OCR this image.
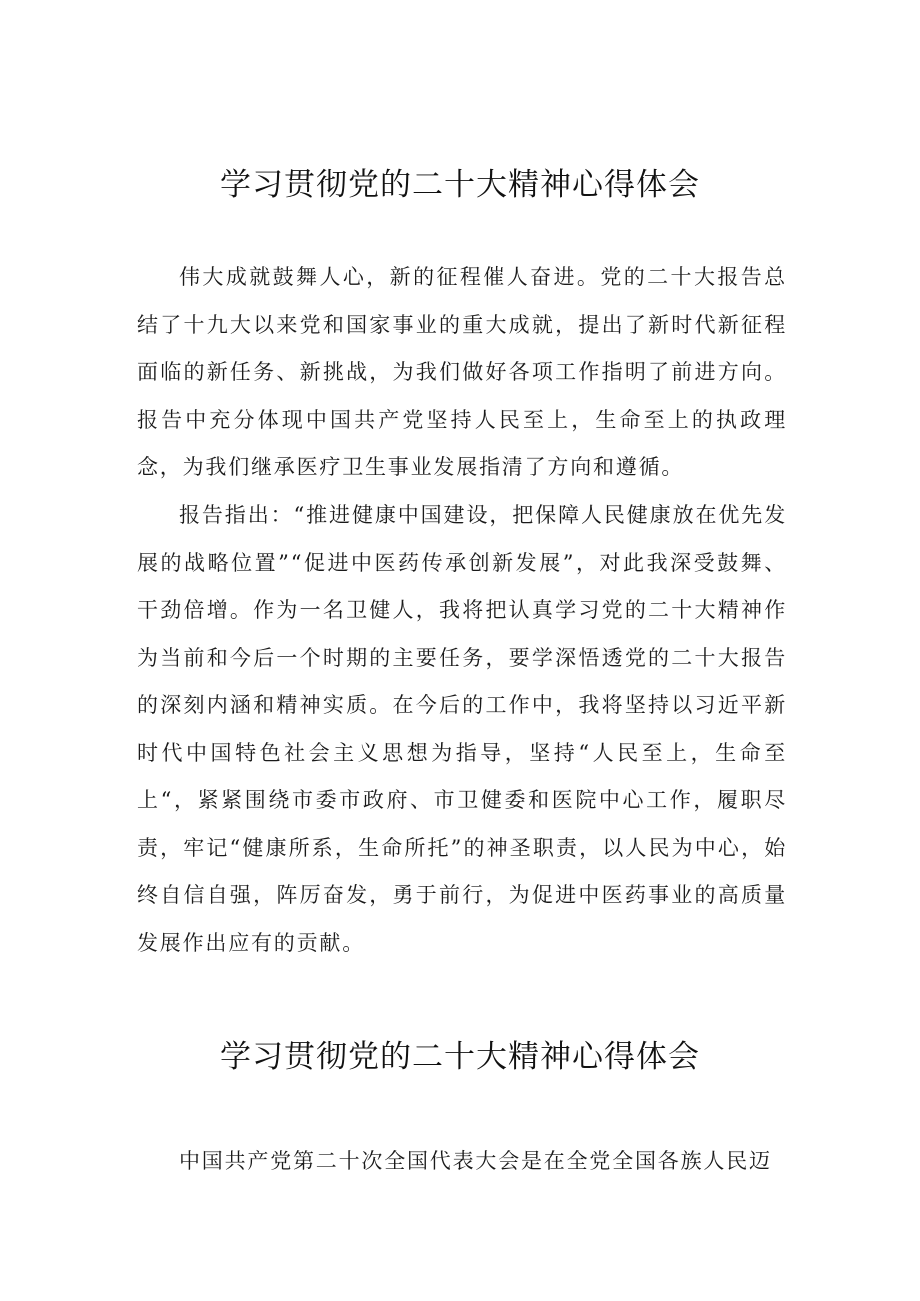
学习贯彻党的二十大精神心得体会

伟大成就鼓舞人心，新的征程催人奋进。党的二十大报告总结了十九大以来党和国家事业的重大成就，提出了新时代新征程面临的新任务、新挑战，为我们做好各项工作指明了前进方向。报告中充分体现中国共产党坚持人民至上，生命至上的执政理念，为我们继承医疗卫生事业发展指清了方向和遵循。

报告指出：“推进健康中国建设，把保障人民健康放在优先发展的战略位置”“促进中医药传承创新发展”，对此我深受鼓舞、干劲倍增。作为一名卫健人，我将把认真学习党的二十大精神作为当前和今后一个时期的主要任务，要学深悟透党的二十大报告的深刻内涵和精神实质。在今后的工作中，我将坚持以习近平新时代中国特色社会主义思想为指导，坚持“人民至上，生命至上“，紧紧围绕市委市政府、市卫健委和医院中心工作，履职尽责，牢记“健康所系，生命所托”的神圣职责，以人民为中心，始终自信自强，阵厉奋发，勇于前行，为促进中医药事业的高质量发展作出应有的贡献。

学习贯彻党的二十大精神心得体会

中国共产党第二十次全国代表大会是在全党全国各族人民迈
